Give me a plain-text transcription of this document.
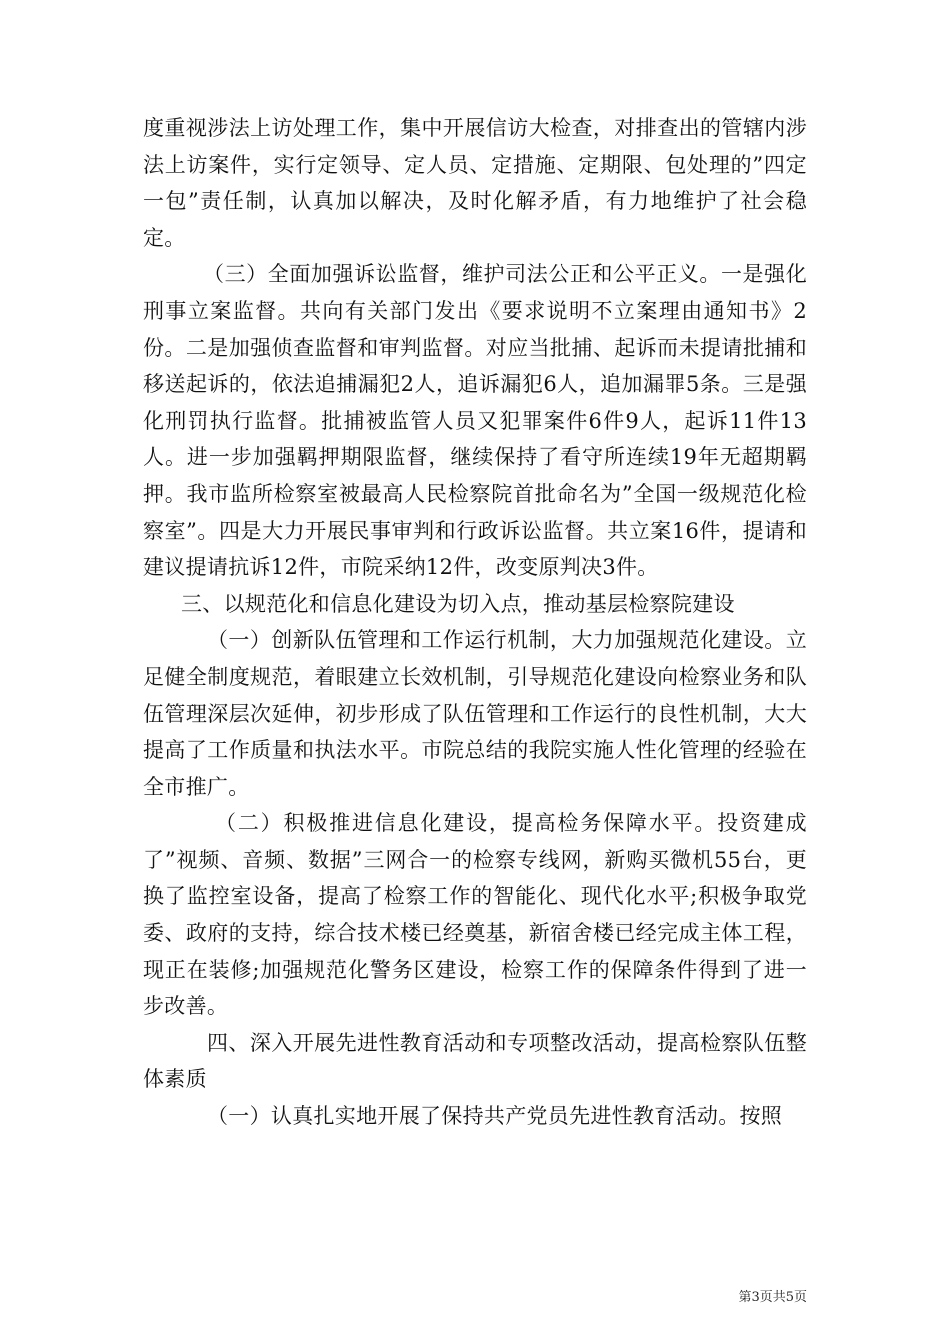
度重视涉法上访处理工作，集中开展信访大检查，对排查出的管辖内涉法上访案件，实行定领导、定人员、定措施、定期限、包处理的”四定一包”责任制，认真加以解决，及时化解矛盾，有力地维护了社会稳定。

（三）全面加强诉讼监督，维护司法公正和公平正义。一是强化刑事立案监督。共向有关部门发出《要求说明不立案理由通知书》2份。二是加强侦查监督和审判监督。对应当批捕、起诉而未提请批捕和移送起诉的，依法追捕漏犯2人，追诉漏犯6人，追加漏罪5条。三是强化刑罚执行监督。批捕被监管人员又犯罪案件6件9人，起诉11件13人。进一步加强羁押期限监督，继续保持了看守所连续19年无超期羁押。我市监所检察室被最高人民检察院首批命名为”全国一级规范化检察室”。四是大力开展民事审判和行政诉讼监督。共立案16件，提请和建议提请抗诉12件，市院采纳12件，改变原判决3件。

三、以规范化和信息化建设为切入点，推动基层检察院建设

（一）创新队伍管理和工作运行机制，大力加强规范化建设。立足健全制度规范，着眼建立长效机制，引导规范化建设向检察业务和队伍管理深层次延伸，初步形成了队伍管理和工作运行的良性机制，大大提高了工作质量和执法水平。市院总结的我院实施人性化管理的经验在全市推广。

（二）积极推进信息化建设，提高检务保障水平。投资建成了”视频、音频、数据”三网合一的检察专线网，新购买微机55台，更换了监控室设备，提高了检察工作的智能化、现代化水平;积极争取党委、政府的支持，综合技术楼已经奠基，新宿舍楼已经完成主体工程，现正在装修;加强规范化警务区建设，检察工作的保障条件得到了进一步改善。

四、深入开展先进性教育活动和专项整改活动，提高检察队伍整体素质

（一）认真扎实地开展了保持共产党员先进性教育活动。按照

第3页共5页
